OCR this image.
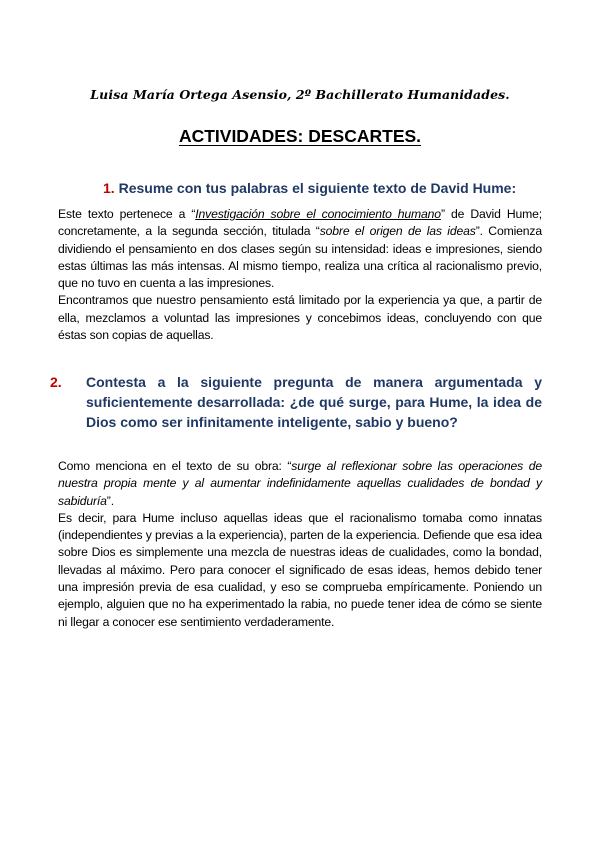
Luisa María Ortega Asensio, 2º Bachillerato Humanidades.
ACTIVIDADES: DESCARTES.
1. Resume con tus palabras el siguiente texto de David Hume:

Este texto pertenece a “Investigación sobre el conocimiento humano” de David Hume; concretamente, a la segunda sección, titulada “sobre el origen de las ideas”. Comienza dividiendo el pensamiento en dos clases según su intensidad: ideas e impresiones, siendo estas últimas las más intensas. Al mismo tiempo, realiza una crítica al racionalismo previo, que no tuvo en cuenta a las impresiones.

Encontramos que nuestro pensamiento está limitado por la experiencia ya que, a partir de ella, mezclamos a voluntad las impresiones y concebimos ideas, concluyendo con que éstas son copias de aquellas.

2. Contesta a la siguiente pregunta de manera argumentada y suficientemente desarrollada: ¿de qué surge, para Hume, la idea de Dios como ser infinitamente inteligente, sabio y bueno?

Como menciona en el texto de su obra: “surge al reflexionar sobre las operaciones de nuestra propia mente y al aumentar indefinidamente aquellas cualidades de bondad y sabiduría”.

Es decir, para Hume incluso aquellas ideas que el racionalismo tomaba como innatas (independientes y previas a la experiencia), parten de la experiencia. Defiende que esa idea sobre Dios es simplemente una mezcla de nuestras ideas de cualidades, como la bondad, llevadas al máximo. Pero para conocer el significado de esas ideas, hemos debido tener una impresión previa de esa cualidad, y eso se comprueba empíricamente. Poniendo un ejemplo, alguien que no ha experimentado la rabia, no puede tener idea de cómo se siente ni llegar a conocer ese sentimiento verdaderamente.
